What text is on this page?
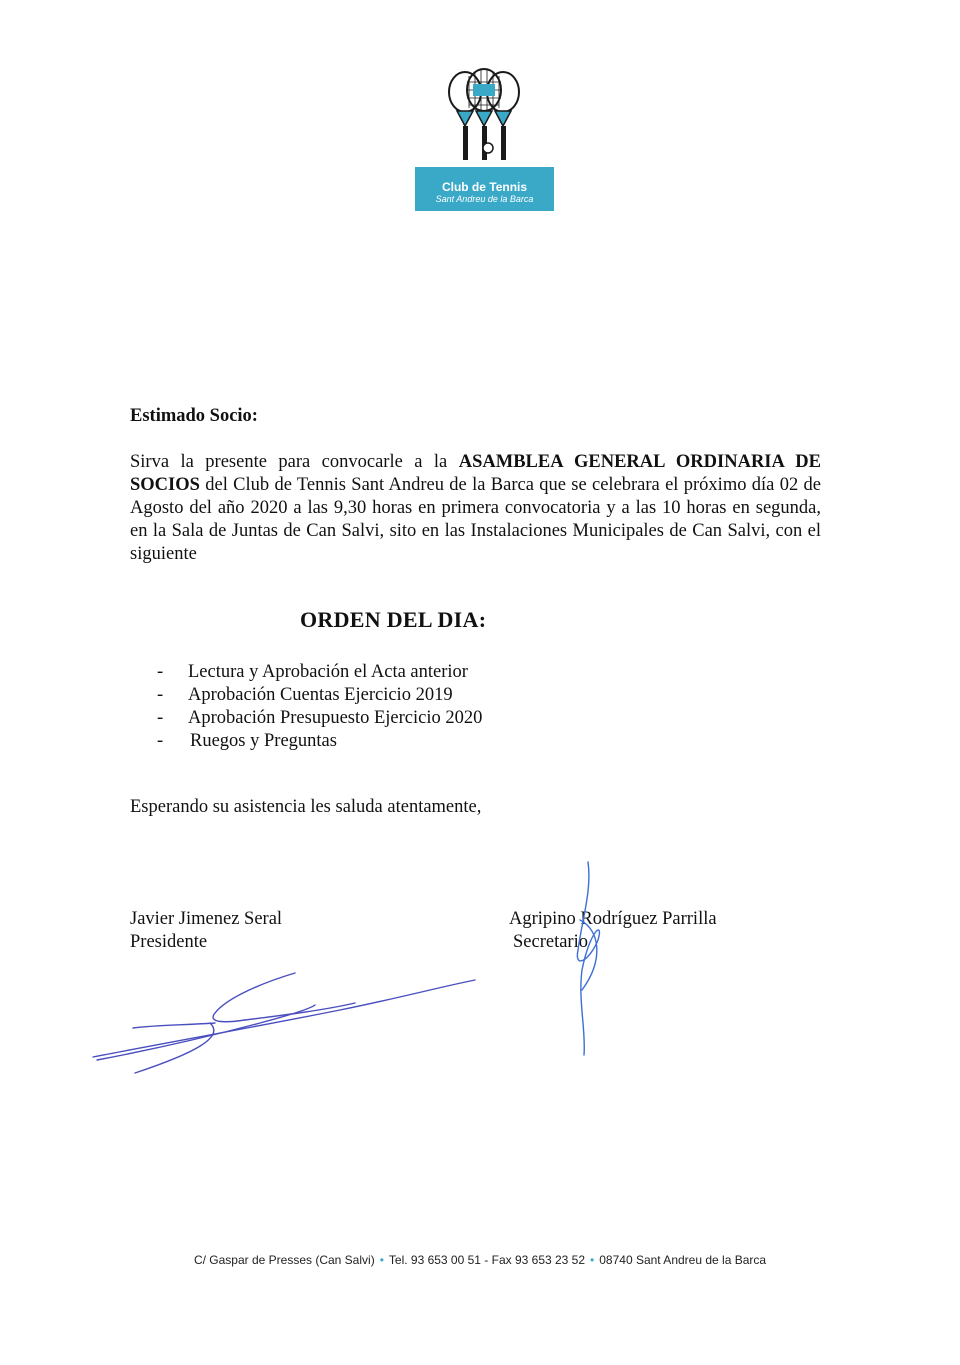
Club de Tennis
Sant Andreu de la Barca
Estimado Socio:
Sirva la presente para convocarle a la ASAMBLEA GENERAL ORDINARIA DE SOCIOS del Club de Tennis Sant Andreu de la Barca que se celebrara el próximo día 02 de Agosto del año 2020 a las 9,30 horas en primera convocatoria y a las 10 horas en segunda, en la Sala de Juntas de Can Salvi, sito en las Instalaciones Municipales de Can Salvi, con el siguiente
ORDEN DEL DIA:
- Lectura y Aprobación el Acta anterior
- Aprobación Cuentas Ejercicio 2019
- Aprobación Presupuesto Ejercicio 2020
- Ruegos y Preguntas
Esperando su asistencia les saluda atentamente,
Javier Jimenez Seral
Presidente
Agripino Rodríguez Parrilla
Secretario
C/ Gaspar de Presses (Can Salvi) • Tel. 93 653 00 51 - Fax 93 653 23 52 • 08740 Sant Andreu de la Barca
